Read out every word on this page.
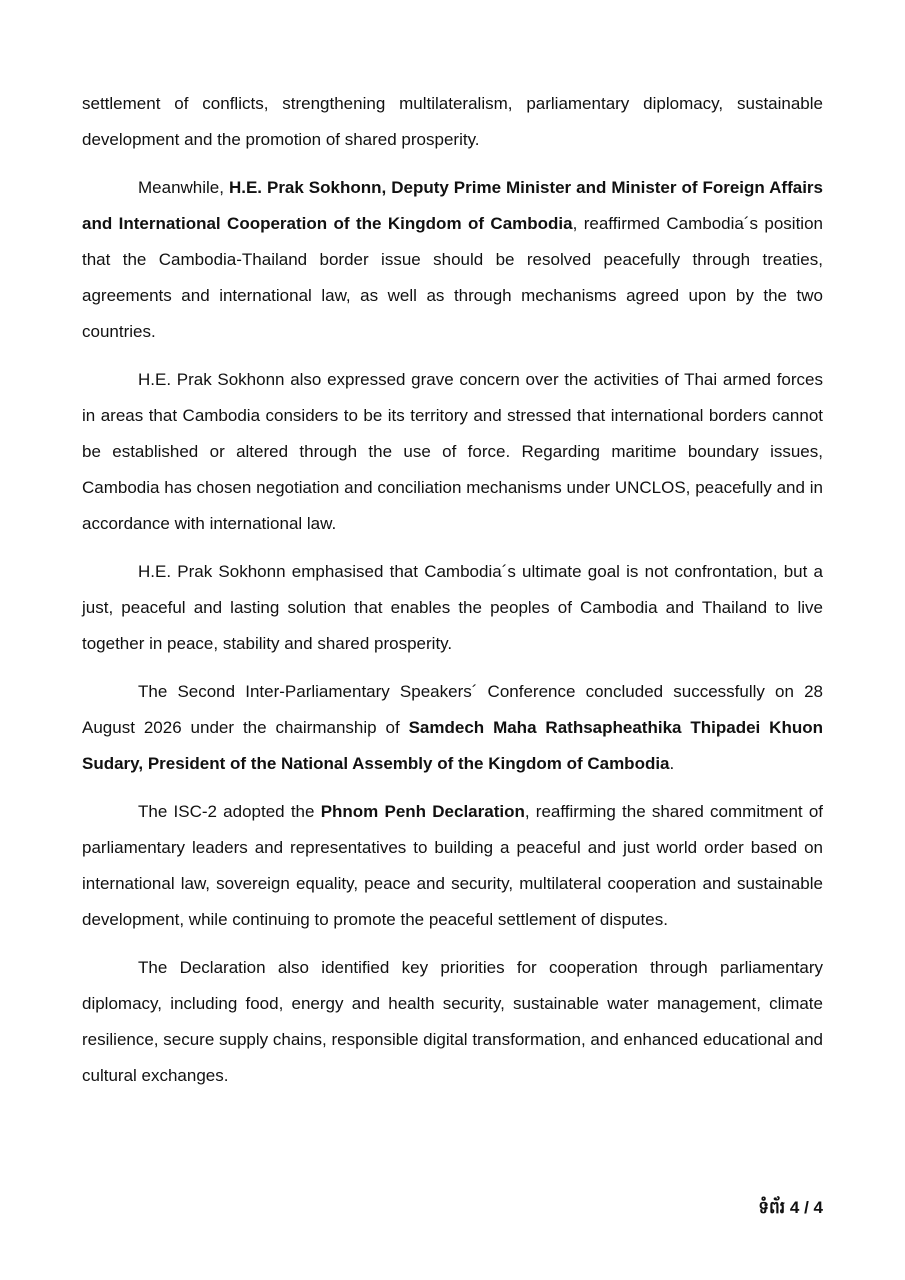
settlement of conflicts, strengthening multilateralism, parliamentary diplomacy, sustainable development and the promotion of shared prosperity.

Meanwhile, H.E. Prak Sokhonn, Deputy Prime Minister and Minister of Foreign Affairs and International Cooperation of the Kingdom of Cambodia, reaffirmed Cambodia´s position that the Cambodia-Thailand border issue should be resolved peacefully through treaties, agreements and international law, as well as through mechanisms agreed upon by the two countries.

H.E. Prak Sokhonn also expressed grave concern over the activities of Thai armed forces in areas that Cambodia considers to be its territory and stressed that international borders cannot be established or altered through the use of force. Regarding maritime boundary issues, Cambodia has chosen negotiation and conciliation mechanisms under UNCLOS, peacefully and in accordance with international law.

H.E. Prak Sokhonn emphasised that Cambodia´s ultimate goal is not confrontation, but a just, peaceful and lasting solution that enables the peoples of Cambodia and Thailand to live together in peace, stability and shared prosperity.

The Second Inter-Parliamentary Speakers´ Conference concluded successfully on 28 August 2026 under the chairmanship of Samdech Maha Rathsapheathika Thipadei Khuon Sudary, President of the National Assembly of the Kingdom of Cambodia.

The ISC-2 adopted the Phnom Penh Declaration, reaffirming the shared commitment of parliamentary leaders and representatives to building a peaceful and just world order based on international law, sovereign equality, peace and security, multilateral cooperation and sustainable development, while continuing to promote the peaceful settlement of disputes.

The Declaration also identified key priorities for cooperation through parliamentary diplomacy, including food, energy and health security, sustainable water management, climate resilience, secure supply chains, responsible digital transformation, and enhanced educational and cultural exchanges.

ទំព័រ 4 / 4
